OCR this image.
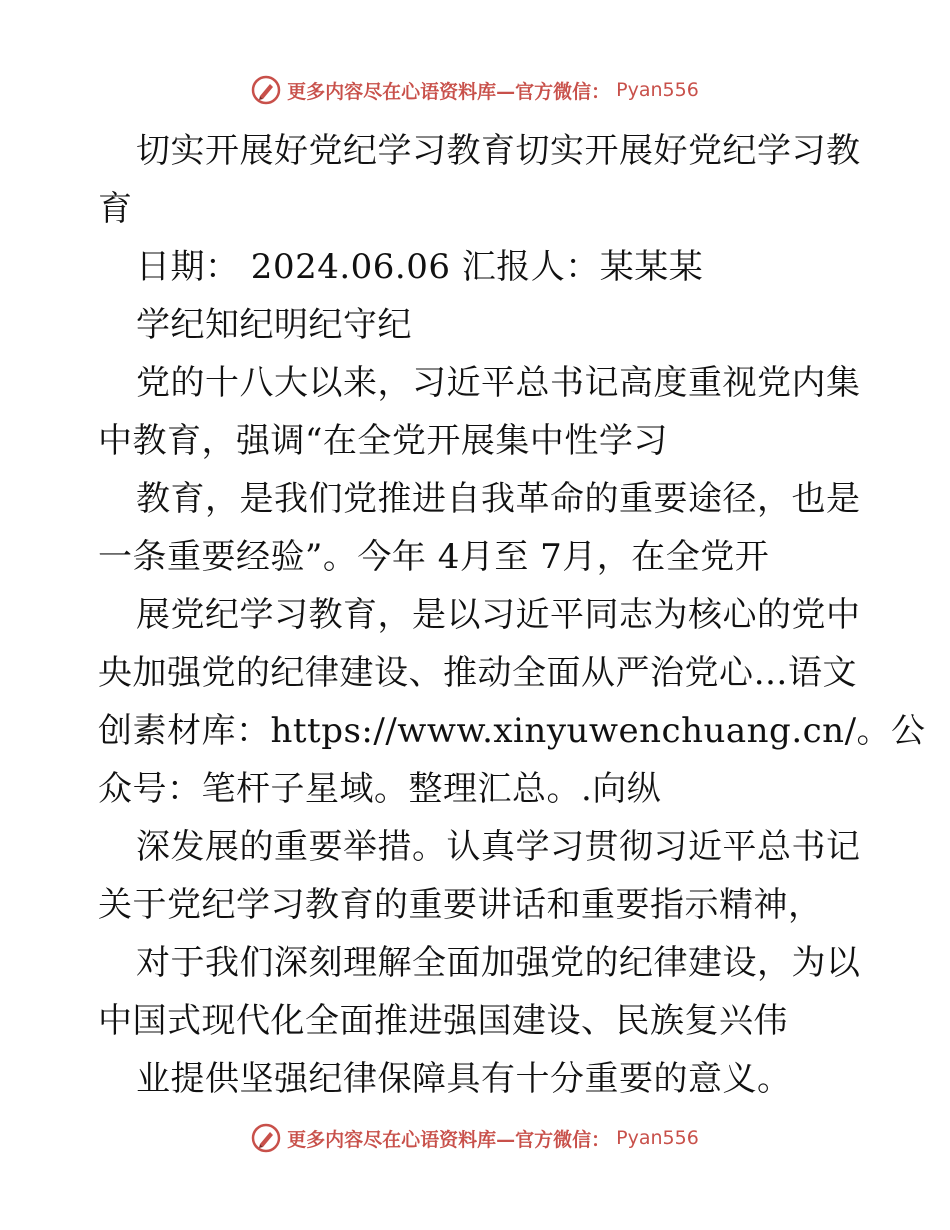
更多内容尽在心语资料库—官方微信： Pyan556
切实开展好党纪学习教育切实开展好党纪学习教
育
日期： 2024.06.06 汇报人：某某某
学纪知纪明纪守纪
党的十八大以来，习近平总书记高度重视党内集
中教育，强调“在全党开展集中性学习
教育，是我们党推进自我革命的重要途径，也是
一条重要经验”。今年 4月至 7月，在全党开
展党纪学习教育，是以习近平同志为核心的党中
央加强党的纪律建设、推动全面从严治党心…语文
创素材库：https://www.xinyuwenchuang.cn/。公
众号：笔杆子星域。整理汇总。.向纵
深发展的重要举措。认真学习贯彻习近平总书记
关于党纪学习教育的重要讲话和重要指示精神，
对于我们深刻理解全面加强党的纪律建设，为以
中国式现代化全面推进强国建设、民族复兴伟
业提供坚强纪律保障具有十分重要的意义。
更多内容尽在心语资料库—官方微信： Pyan556
